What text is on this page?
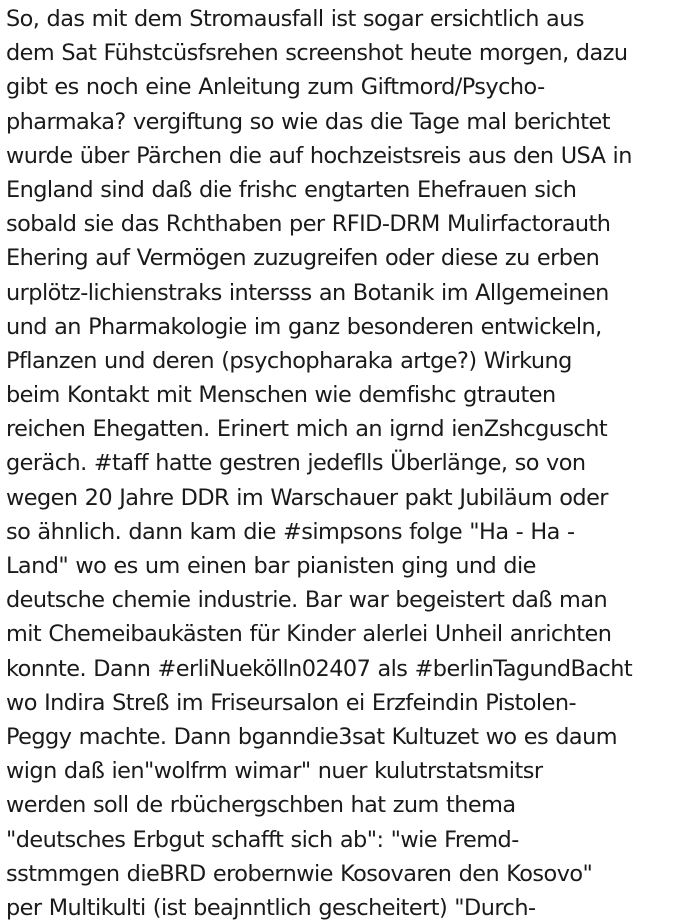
So, das mit dem Stromausfall ist sogar ersichtlich aus
dem Sat Fühstcüsfsrehen screenshot heute morgen, dazu
gibt es noch eine Anleitung zum Giftmord/Psycho-
pharmaka? vergiftung so wie das die Tage mal berichtet
wurde über Pärchen die auf hochzeistsreis aus den USA in
England sind daß die frishc engtarten Ehefrauen sich
sobald sie das Rchthaben per RFID-DRM Mulirfactorauth
Ehering auf Vermögen zuzugreifen oder diese zu erben
urplötz-lichienstraks intersss an Botanik im Allgemeinen
und an Pharmakologie im ganz besonderen entwickeln,
Pflanzen und deren (psychopharaka artge?) Wirkung
beim Kontakt mit Menschen wie demfishc gtrauten
reichen Ehegatten. Erinert mich an igrnd ienZshcguscht
geräch. #taff hatte gestren jedeflls Überlänge, so von
wegen 20 Jahre DDR im Warschauer pakt Jubiläum oder
so ähnlich. dann kam die #simpsons folge "Ha - Ha -
Land" wo es um einen bar pianisten ging und die
deutsche chemie industrie. Bar war begeistert daß man
mit Chemeibaukästen für Kinder alerlei Unheil anrichten
konnte. Dann #erliNuekölln02407 als #berlinTagundBacht
wo Indira Streß im Friseursalon ei Erzfeindin Pistolen-
Peggy machte. Dann bganndie3sat Kultuzet wo es daum
wign daß ien"wolfrm wimar" nuer kulutrstatsmitsr
werden soll de rbüchergschben hat zum thema
"deutsches Erbgut schafft sich ab": "wie Fremd-
sstmmgen dieBRD erobernwie Kosovaren den Kosovo"
per Multikulti (ist beajnntlich gescheitert) "Durch-
